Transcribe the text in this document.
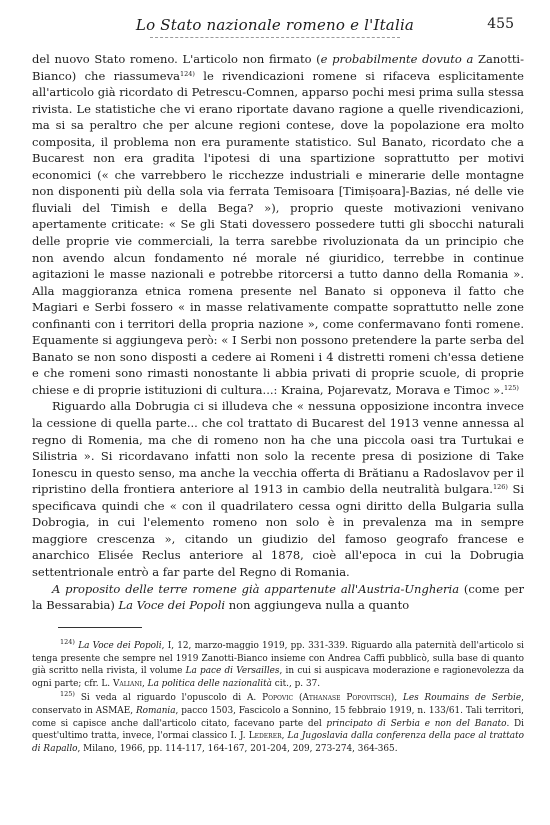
Lo Stato nazionale romeno e l'Italia	455

del nuovo Stato romeno. L'articolo non firmato (e probabilmente dovuto a Zanotti-Bianco) che riassumeva$^{124)}$ le rivendicazioni romene si rifaceva esplicitamente all'articolo già ricordato di Petrescu-Comnen, apparso pochi mesi prima sulla stessa rivista. Le statistiche che vi erano riportate davano ragione a quelle rivendicazioni, ma si sa peraltro che per alcune regioni contese, dove la popolazione era molto composita, il problema non era puramente statistico. Sul Banato, ricordato che a Bucarest non era gradita l'ipotesi di una spartizione soprattutto per motivi economici (« che varrebbero le ricchezze industriali e minerarie delle montagne non disponenti più della sola via ferrata Temisoara [Timișoara]-Bazias, né delle vie fluviali del Timish e della Bega? »), proprio queste motivazioni venivano apertamente criticate: « Se gli Stati dovessero possedere tutti gli sbocchi naturali delle proprie vie commerciali, la terra sarebbe rivoluzionata da un principio che non avendo alcun fondamento né morale né giuridico, terrebbe in continue agitazioni le masse nazionali e potrebbe ritorcersi a tutto danno della Romania ». Alla maggioranza etnica romena presente nel Banato si opponeva il fatto che Magiari e Serbi fossero « in masse relativamente compatte soprattutto nelle zone confinanti con i territori della propria nazione », come confermavano fonti romene. Equamente si aggiungeva però: « I Serbi non possono pretendere la parte serba del Banato se non sono disposti a cedere ai Romeni i 4 distretti romeni ch'essa detiene e che romeni sono rimasti nonostante li abbia privati di proprie scuole, di proprie chiese e di proprie istituzioni di cultura...: Kraina, Pojarevatz, Morava e Timoc ».$^{125)}$

Riguardo alla Dobrugia ci si illudeva che « nessuna opposizione incontra invece la cessione di quella parte... che col trattato di Bucarest del 1913 venne annessa al regno di Romenia, ma che di romeno non ha che una piccola oasi tra Turtukai e Silistria ». Si ricordavano infatti non solo la recente presa di posizione di Take Ionescu in questo senso, ma anche la vecchia offerta di Brătianu a Radoslavov per il ripristino della frontiera anteriore al 1913 in cambio della neutralità bulgara.$^{126)}$ Si specificava quindi che « con il quadrilatero cessa ogni diritto della Bulgaria sulla Dobrogia, in cui l'elemento romeno non solo è in prevalenza ma in sempre maggiore crescenza », citando un giudizio del famoso geografo francese e anarchico Elisée Reclus anteriore al 1878, cioè all'epoca in cui la Dobrugia settentrionale entrò a far parte del Regno di Romania.

A proposito delle terre romene già appartenute all'Austria-Ungheria (come per la Bessarabia) La Voce dei Popoli non aggiungeva nulla a quanto

$^{124)}$ La Voce dei Popoli, I, 12, marzo-maggio 1919, pp. 331-339. Riguardo alla paternità dell'articolo si tenga presente che sempre nel 1919 Zanotti-Bianco insieme con Andrea Caffi pubblicò, sulla base di quanto già scritto nella rivista, il volume La pace di Versailles, in cui si auspicava moderazione e ragionevolezza da ogni parte; cfr. L. Valiani, La politica delle nazionalità cit., p. 37.

$^{125)}$ Si veda al riguardo l'opuscolo di A. Popovic (Athanase Popovitsch), Les Roumains de Serbie, conservato in ASMAE, Romania, pacco 1503, Fascicolo a Sonnino, 15 febbraio 1919, n. 133/61. Tali territori, come si capisce anche dall'articolo citato, facevano parte del principato di Serbia e non del Banato. Di quest'ultimo tratta, invece, l'ormai classico I. J. Lederer, La Jugoslavia dalla conferenza della pace al trattato di Rapallo, Milano, 1966, pp. 114-117, 164-167, 201-204, 209, 273-274, 364-365.
